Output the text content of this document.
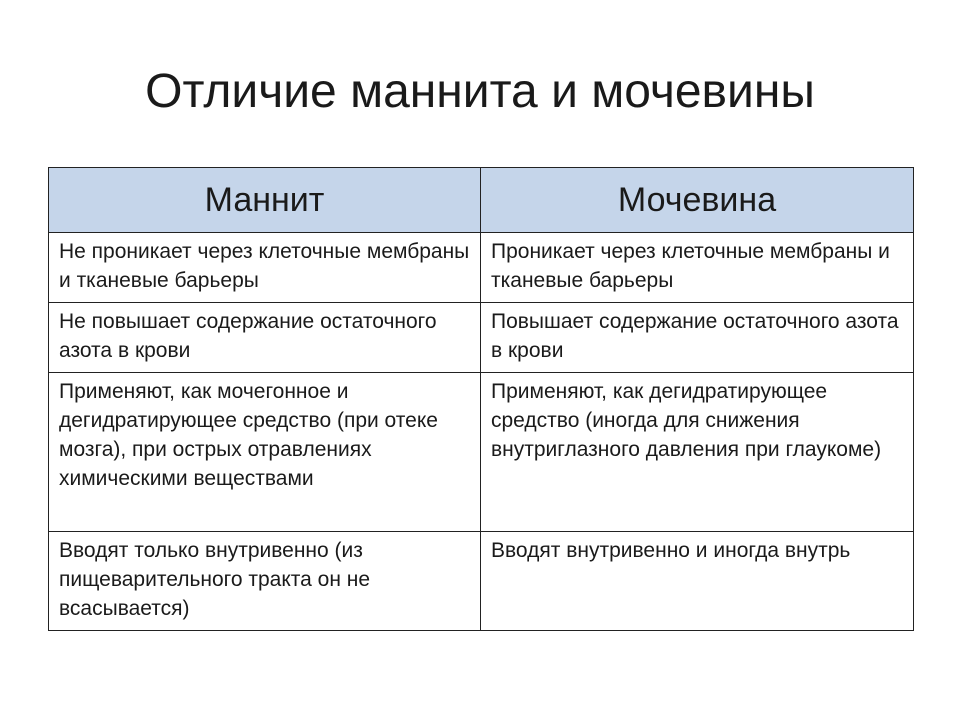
Отличие маннита и мочевины
Маннит	Мочевина
Не проникает через клеточные мембраны и тканевые барьеры	Проникает через клеточные мембраны и тканевые барьеры
Не повышает содержание остаточного азота в крови	Повышает содержание остаточного азота в крови
Применяют, как мочегонное и дегидратирующее средство (при отеке мозга), при острых отравлениях химическими веществами	Применяют, как дегидратирующее средство (иногда для снижения внутриглазного давления при глаукоме)
Вводят только внутривенно (из пищеварительного тракта он не всасывается)	Вводят внутривенно и иногда внутрь
